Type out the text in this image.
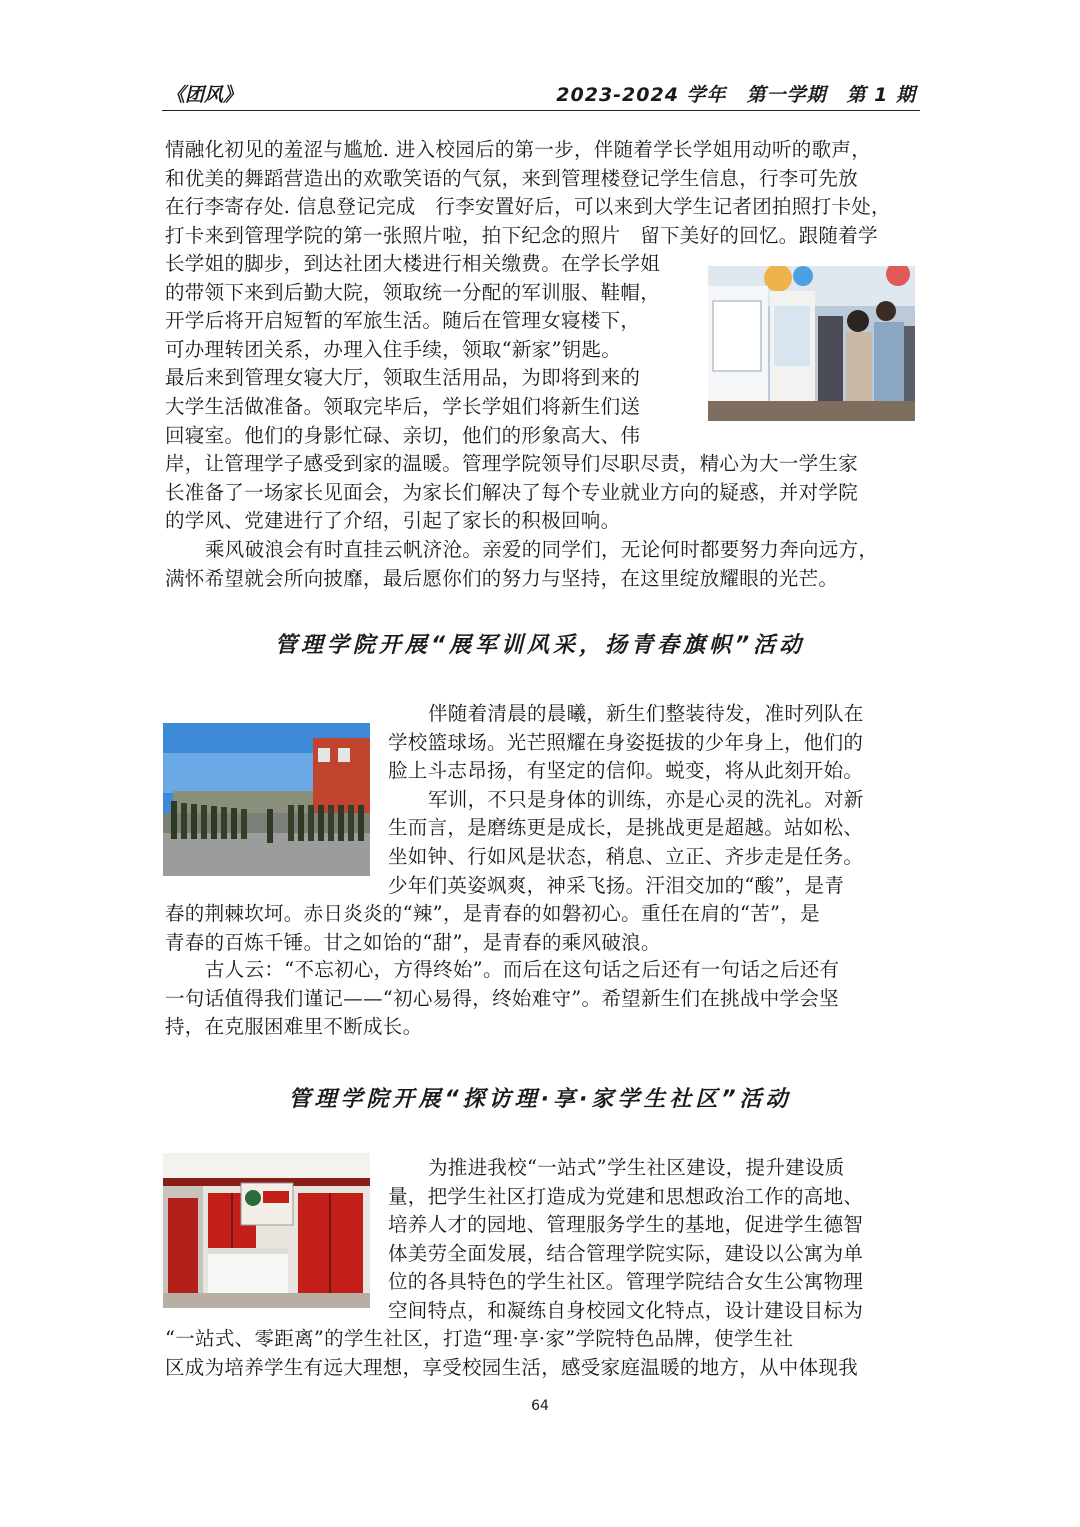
《团风》	2023-2024 学年　第一学期　第 1 期
情融化初见的羞涩与尴尬. 进入校园后的第一步，伴随着学长学姐用动听的歌声，
和优美的舞蹈营造出的欢歌笑语的气氛，来到管理楼登记学生信息，行李可先放
在行李寄存处. 信息登记完成　行李安置好后，可以来到大学生记者团拍照打卡处，
打卡来到管理学院的第一张照片啦，拍下纪念的照片　留下美好的回忆。跟随着学
长学姐的脚步，到达社团大楼进行相关缴费。在学长学姐
的带领下来到后勤大院，领取统一分配的军训服、鞋帽，
开学后将开启短暂的军旅生活。随后在管理女寝楼下，
可办理转团关系，办理入住手续，领取“新家”钥匙。
最后来到管理女寝大厅，领取生活用品，为即将到来的
大学生活做准备。领取完毕后，学长学姐们将新生们送
回寝室。他们的身影忙碌、亲切，他们的形象高大、伟
岸，让管理学子感受到家的温暖。管理学院领导们尽职尽责，精心为大一学生家
长准备了一场家长见面会，为家长们解决了每个专业就业方向的疑惑，并对学院
的学风、党建进行了介绍，引起了家长的积极回响。
乘风破浪会有时直挂云帆济沧。亲爱的同学们，无论何时都要努力奔向远方，
满怀希望就会所向披靡，最后愿你们的努力与坚持，在这里绽放耀眼的光芒。
管理学院开展“展军训风采，扬青春旗帜”活动
伴随着清晨的晨曦，新生们整装待发，准时列队在
学校篮球场。光芒照耀在身姿挺拔的少年身上，他们的
脸上斗志昂扬，有坚定的信仰。蜕变，将从此刻开始。
军训，不只是身体的训练，亦是心灵的洗礼。对新
生而言，是磨练更是成长，是挑战更是超越。站如松、
坐如钟、行如风是状态，稍息、立正、齐步走是任务。
少年们英姿飒爽，神采飞扬。汗泪交加的“酸”，是青
春的荆棘坎坷。赤日炎炎的“辣”，是青春的如磐初心。重任在肩的“苦”，是
青春的百炼千锤。甘之如饴的“甜”，是青春的乘风破浪。
古人云：“不忘初心，方得终始”。而后在这句话之后还有一句话之后还有
一句话值得我们谨记——“初心易得，终始难守”。希望新生们在挑战中学会坚
持，在克服困难里不断成长。
管理学院开展“探访理·享·家学生社区”活动
为推进我校“一站式”学生社区建设，提升建设质
量，把学生社区打造成为党建和思想政治工作的高地、
培养人才的园地、管理服务学生的基地，促进学生德智
体美劳全面发展，结合管理学院实际，建设以公寓为单
位的各具特色的学生社区。管理学院结合女生公寓物理
空间特点，和凝练自身校园文化特点，设计建设目标为
“一站式、零距离”的学生社区，打造“理·享·家”学院特色品牌，使学生社
区成为培养学生有远大理想，享受校园生活，感受家庭温暖的地方，从中体现我
64
